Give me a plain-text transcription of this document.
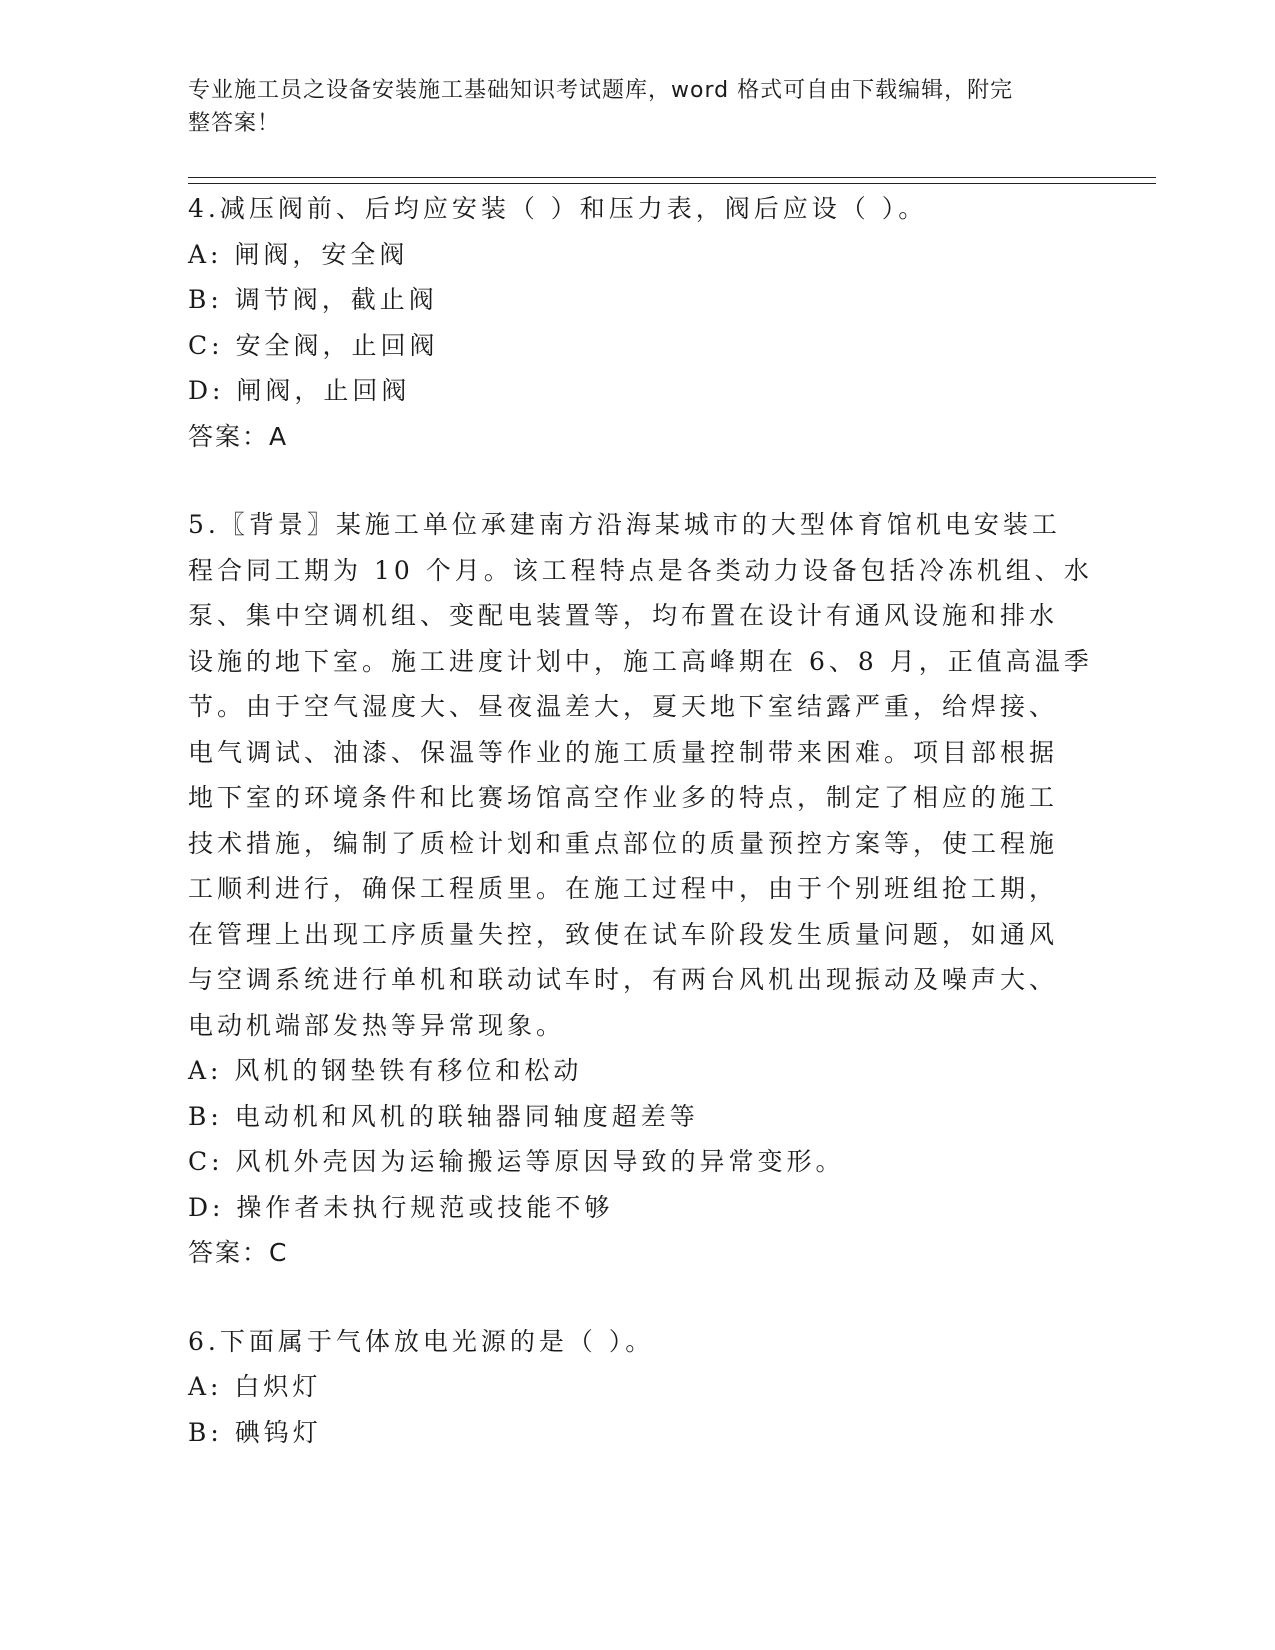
专业施工员之设备安装施工基础知识考试题库，word 格式可自由下载编辑，附完
整答案！
4.减压阀前、后均应安装（ ）和压力表，阀后应设（ ）。
A: 闸阀，安全阀
B: 调节阀，截止阀
C: 安全阀，止回阀
D: 闸阀，止回阀
答案：A
5.〖背景〗某施工单位承建南方沿海某城市的大型体育馆机电安装工
程合同工期为 10 个月。该工程特点是各类动力设备包括冷冻机组、水
泵、集中空调机组、变配电装置等，均布置在设计有通风设施和排水
设施的地下室。施工进度计划中，施工高峰期在 6、8 月，正值高温季
节。由于空气湿度大、昼夜温差大，夏天地下室结露严重，给焊接、
电气调试、油漆、保温等作业的施工质量控制带来困难。项目部根据
地下室的环境条件和比赛场馆高空作业多的特点，制定了相应的施工
技术措施，编制了质检计划和重点部位的质量预控方案等，使工程施
工顺利进行，确保工程质里。在施工过程中，由于个别班组抢工期，
在管理上出现工序质量失控，致使在试车阶段发生质量问题，如通风
与空调系统进行单机和联动试车时，有两台风机出现振动及噪声大、
电动机端部发热等异常现象。
A: 风机的钢垫铁有移位和松动
B: 电动机和风机的联轴器同轴度超差等
C: 风机外壳因为运输搬运等原因导致的异常变形。
D: 操作者未执行规范或技能不够
答案：C
6.下面属于气体放电光源的是（ ）。
A: 白炽灯
B: 碘钨灯
